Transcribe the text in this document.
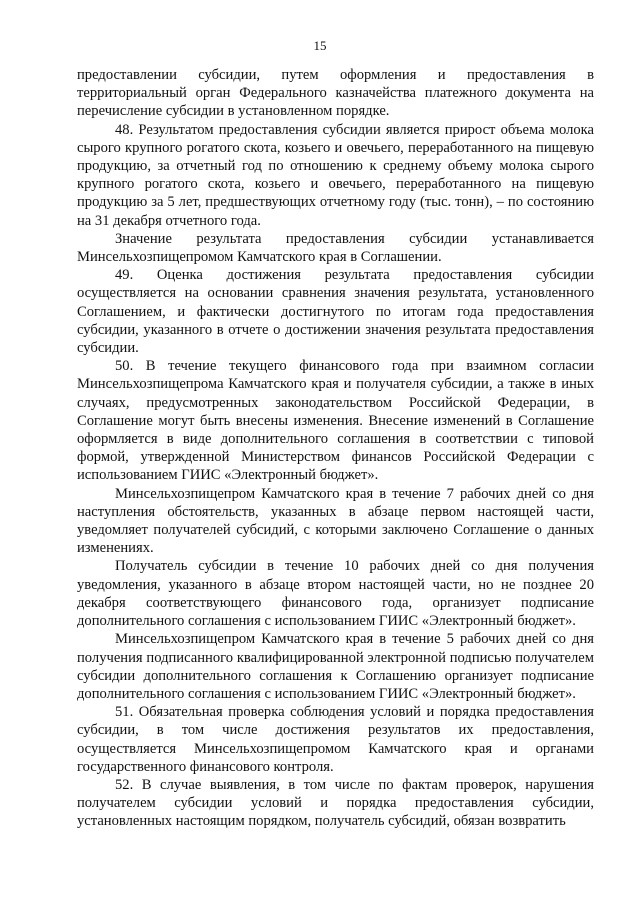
15

предоставлении субсидии, путем оформления и предоставления в территориальный орган Федерального казначейства платежного документа на перечисление субсидии в установленном порядке.

48. Результатом предоставления субсидии является прирост объема молока сырого крупного рогатого скота, козьего и овечьего, переработанного на пищевую продукцию, за отчетный год по отношению к среднему объему молока сырого крупного рогатого скота, козьего и овечьего, переработанного на пищевую продукцию за 5 лет, предшествующих отчетному году (тыс. тонн), – по состоянию на 31 декабря отчетного года.

Значение результата предоставления субсидии устанавливается Минсельхозпищепромом Камчатского края в Соглашении.

49. Оценка достижения результата предоставления субсидии осуществляется на основании сравнения значения результата, установленного Соглашением, и фактически достигнутого по итогам года предоставления субсидии, указанного в отчете о достижении значения результата предоставления субсидии.

50. В течение текущего финансового года при взаимном согласии Минсельхозпищепрома Камчатского края и получателя субсидии, а также в иных случаях, предусмотренных законодательством Российской Федерации, в Соглашение могут быть внесены изменения. Внесение изменений в Соглашение оформляется в виде дополнительного соглашения в соответствии с типовой формой, утвержденной Министерством финансов Российской Федерации с использованием ГИИС «Электронный бюджет».

Минсельхозпищепром Камчатского края в течение 7 рабочих дней со дня наступления обстоятельств, указанных в абзаце первом настоящей части, уведомляет получателей субсидий, с которыми заключено Соглашение о данных изменениях.

Получатель субсидии в течение 10 рабочих дней со дня получения уведомления, указанного в абзаце втором настоящей части, но не позднее 20 декабря соответствующего финансового года, организует подписание дополнительного соглашения с использованием ГИИС «Электронный бюджет».

Минсельхозпищепром Камчатского края в течение 5 рабочих дней со дня получения подписанного квалифицированной электронной подписью получателем субсидии дополнительного соглашения к Соглашению организует подписание дополнительного соглашения с использованием ГИИС «Электронный бюджет».

51. Обязательная проверка соблюдения условий и порядка предоставления субсидии, в том числе достижения результатов их предоставления, осуществляется Минсельхозпищепромом Камчатского края и органами государственного финансового контроля.

52. В случае выявления, в том числе по фактам проверок, нарушения получателем субсидии условий и порядка предоставления субсидии, установленных настоящим порядком, получатель субсидий, обязан возвратить
